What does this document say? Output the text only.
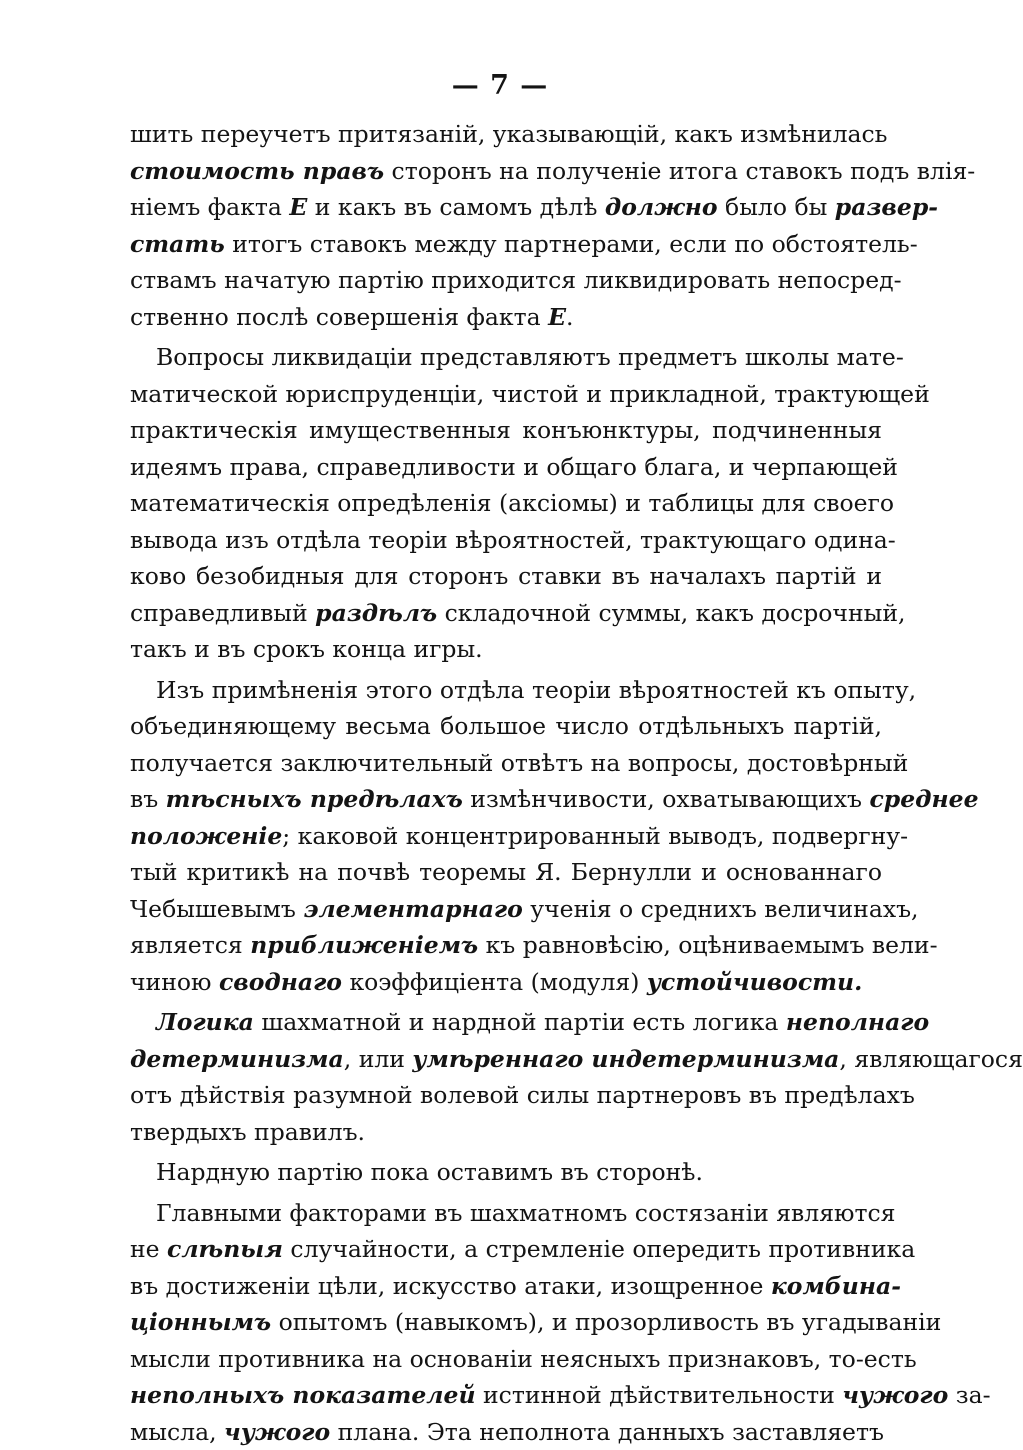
— 7 —
шить переучетъ притязаній, указывающій, какъ измѣнилась
стоимость правъ сторонъ на полученіе итога ставокъ подъ влія-
ніемъ факта E и какъ въ самомъ дѣлѣ должно было бы развер-
стать итогъ ставокъ между партнерами, если по обстоятель-
ствамъ начатую партію приходится ликвидировать непосред-
ственно послѣ совершенія факта E.
Вопросы ликвидаціи представляютъ предметъ школы мате-
матической юриспруденціи, чистой и прикладной, трактующей
практическія имущественныя конъюнктуры, подчиненныя
идеямъ права, справедливости и общаго блага, и черпающей
математическія опредѣленія (аксіомы) и таблицы для своего
вывода изъ отдѣла теоріи вѣроятностей, трактующаго одина-
ково безобидныя для сторонъ ставки въ началахъ партій и
справедливый раздѣлъ складочной суммы, какъ досрочный,
такъ и въ срокъ конца игры.
Изъ примѣненія этого отдѣла теоріи вѣроятностей къ опыту,
объединяющему весьма большое число отдѣльныхъ партій,
получается заключительный отвѣтъ на вопросы, достовѣрный
въ тѣсныхъ предѣлахъ измѣнчивости, охватывающихъ среднее
положеніе; каковой концентрированный выводъ, подвергну-
тый критикѣ на почвѣ теоремы Я. Бернулли и основаннаго
Чебышевымъ элементарнаго ученія о среднихъ величинахъ,
является приближеніемъ къ равновѣсію, оцѣниваемымъ вели-
чиною своднаго коэффиціента (модуля) устойчивости.
Логика шахматной и нардной партіи есть логика неполнаго
детерминизма, или умѣреннаго индетерминизма, являющагося
отъ дѣйствія разумной волевой силы партнеровъ въ предѣлахъ
твердыхъ правилъ.
Нардную партію пока оставимъ въ сторонѣ.
Главными факторами въ шахматномъ состязаніи являются
не слѣпыя случайности, а стремленіе опередить противника
въ достиженіи цѣли, искусство атаки, изощренное комбина-
ціоннымъ опытомъ (навыкомъ), и прозорливость въ угадываніи
мысли противника на основаніи неясныхъ признаковъ, то-есть
неполныхъ показателей истинной дѣйствительности чужого за-
мысла, чужого плана. Эта неполнота данныхъ заставляетъ
